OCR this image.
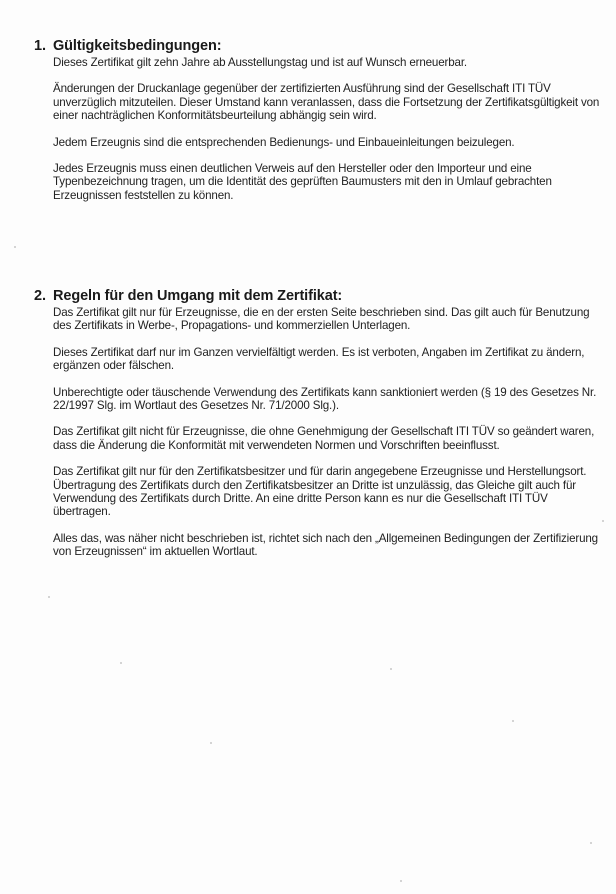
1. Gültigkeitsbedingungen:

Dieses Zertifikat gilt zehn Jahre ab Ausstellungstag und ist auf Wunsch erneuerbar.

Änderungen der Druckanlage gegenüber der zertifizierten Ausführung sind der Gesellschaft ITI TÜV unverzüglich mitzuteilen. Dieser Umstand kann veranlassen, dass die Fortsetzung der Zertifikatsgültigkeit von einer nachträglichen Konformitätsbeurteilung abhängig sein wird.

Jedem Erzeugnis sind die entsprechenden Bedienungs- und Einbaueinleitungen beizulegen.

Jedes Erzeugnis muss einen deutlichen Verweis auf den Hersteller oder den Importeur und eine Typenbezeichnung tragen, um die Identität des geprüften Baumusters mit den in Umlauf gebrachten Erzeugnissen feststellen zu können.

2. Regeln für den Umgang mit dem Zertifikat:

Das Zertifikat gilt nur für Erzeugnisse, die en der ersten Seite beschrieben sind. Das gilt auch für Benutzung des Zertifikats in Werbe-, Propagations- und kommerziellen Unterlagen.

Dieses Zertifikat darf nur im Ganzen vervielfältigt werden. Es ist verboten, Angaben im Zertifikat zu ändern, ergänzen oder fälschen.

Unberechtigte oder täuschende Verwendung des Zertifikats kann sanktioniert werden (§ 19 des Gesetzes Nr. 22/1997 Slg. im Wortlaut des Gesetzes Nr. 71/2000 Slg.).

Das Zertifikat gilt nicht für Erzeugnisse, die ohne Genehmigung der Gesellschaft ITI TÜV so geändert waren, dass die Änderung die Konformität mit verwendeten Normen und Vorschriften beeinflusst.

Das Zertifikat gilt nur für den Zertifikatsbesitzer und für darin angegebene Erzeugnisse und Herstellungsort. Übertragung des Zertifikats durch den Zertifikatsbesitzer an Dritte ist unzulässig, das Gleiche gilt auch für Verwendung des Zertifikats durch Dritte. An eine dritte Person kann es nur die Gesellschaft ITI TÜV übertragen.

Alles das, was näher nicht beschrieben ist, richtet sich nach den „Allgemeinen Bedingungen der Zertifizierung von Erzeugnissen“ im aktuellen Wortlaut.
